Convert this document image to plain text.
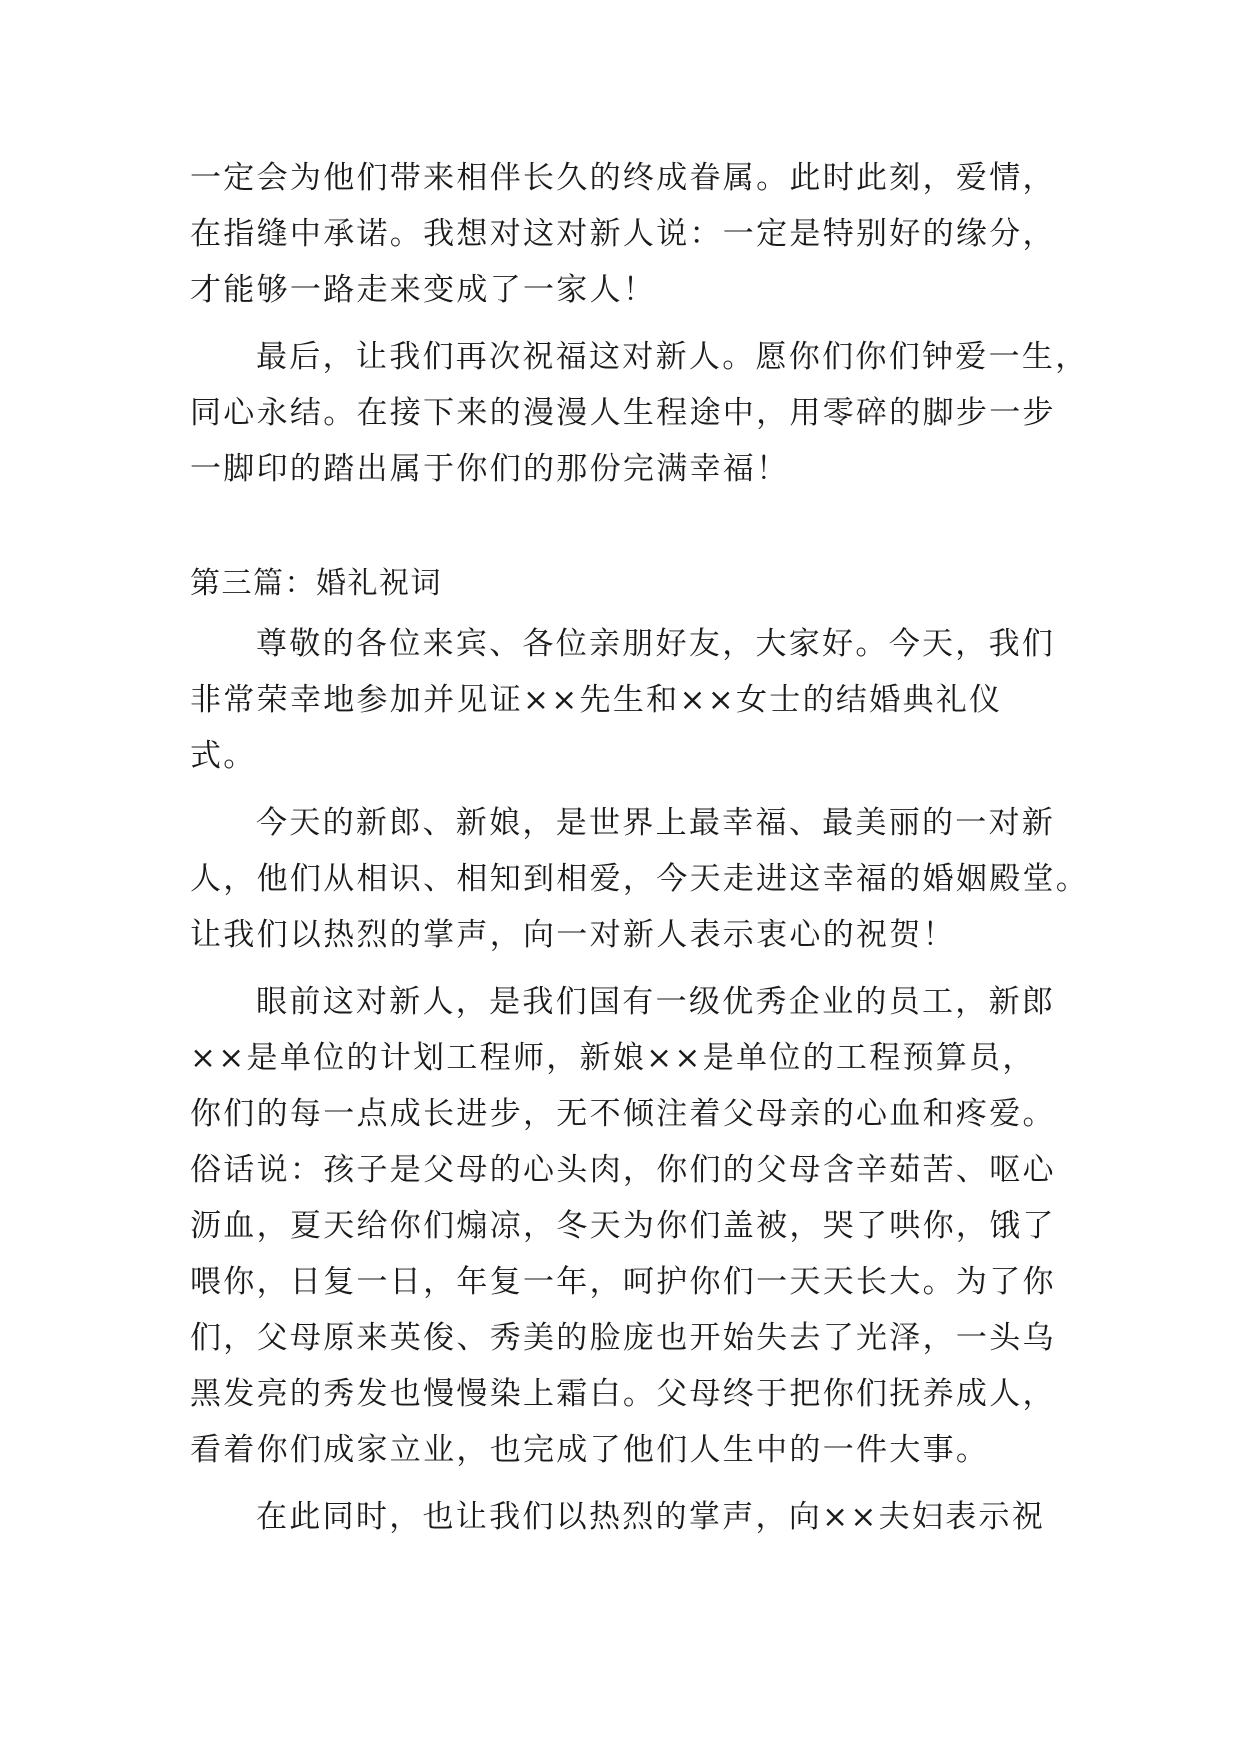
一定会为他们带来相伴长久的终成眷属。此时此刻，爱情，
在指缝中承诺。我想对这对新人说：一定是特别好的缘分，
才能够一路走来变成了一家人！
最后，让我们再次祝福这对新人。愿你们你们钟爱一生，
同心永结。在接下来的漫漫人生程途中，用零碎的脚步一步
一脚印的踏出属于你们的那份完满幸福！
第三篇：婚礼祝词
尊敬的各位来宾、各位亲朋好友，大家好。今天，我们
非常荣幸地参加并见证××先生和××女士的结婚典礼仪
式。
今天的新郎、新娘，是世界上最幸福、最美丽的一对新
人，他们从相识、相知到相爱，今天走进这幸福的婚姻殿堂。
让我们以热烈的掌声，向一对新人表示衷心的祝贺！
眼前这对新人，是我们国有一级优秀企业的员工，新郎
××是单位的计划工程师，新娘××是单位的工程预算员，
你们的每一点成长进步，无不倾注着父母亲的心血和疼爱。
俗话说：孩子是父母的心头肉，你们的父母含辛茹苦、呕心
沥血，夏天给你们煽凉，冬天为你们盖被，哭了哄你，饿了
喂你，日复一日，年复一年，呵护你们一天天长大。为了你
们，父母原来英俊、秀美的脸庞也开始失去了光泽，一头乌
黑发亮的秀发也慢慢染上霜白。父母终于把你们抚养成人，
看着你们成家立业，也完成了他们人生中的一件大事。
在此同时，也让我们以热烈的掌声，向××夫妇表示祝
